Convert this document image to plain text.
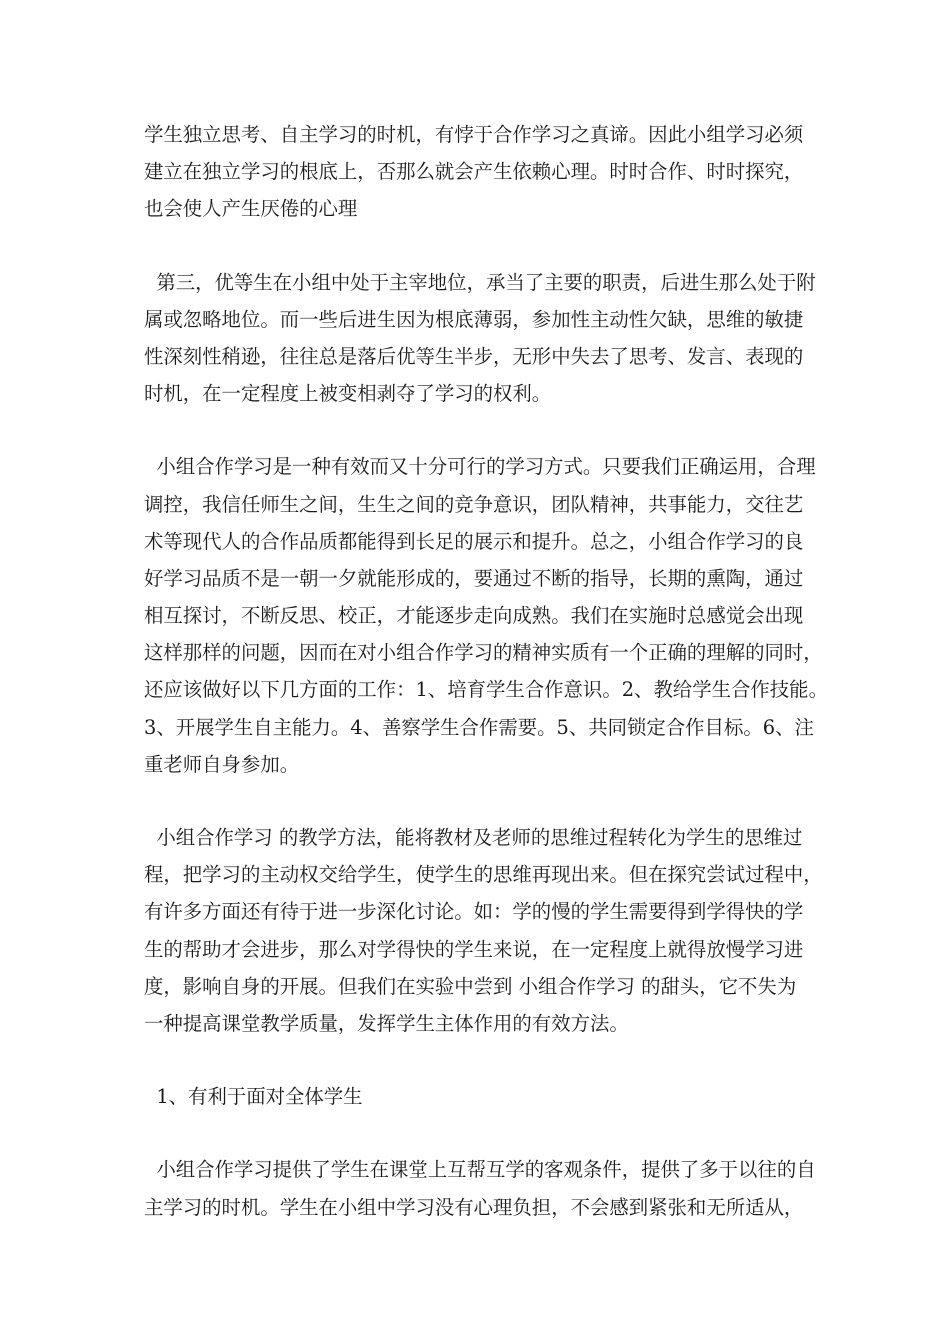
学生独立思考、自主学习的时机，有悖于合作学习之真谛。因此小组学习必须
建立在独立学习的根底上，否那么就会产生依赖心理。时时合作、时时探究，
也会使人产生厌倦的心理
第三，优等生在小组中处于主宰地位，承当了主要的职责，后进生那么处于附
属或忽略地位。而一些后进生因为根底薄弱，参加性主动性欠缺，思维的敏捷
性深刻性稍逊，往往总是落后优等生半步，无形中失去了思考、发言、表现的
时机，在一定程度上被变相剥夺了学习的权利。
小组合作学习是一种有效而又十分可行的学习方式。只要我们正确运用，合理
调控，我信任师生之间，生生之间的竞争意识，团队精神，共事能力，交往艺
术等现代人的合作品质都能得到长足的展示和提升。总之，小组合作学习的良
好学习品质不是一朝一夕就能形成的，要通过不断的指导，长期的熏陶，通过
相互探讨，不断反思、校正，才能逐步走向成熟。我们在实施时总感觉会出现
这样那样的问题，因而在对小组合作学习的精神实质有一个正确的理解的同时，
还应该做好以下几方面的工作：1、培育学生合作意识。2、教给学生合作技能。
3、开展学生自主能力。4、善察学生合作需要。5、共同锁定合作目标。6、注
重老师自身参加。
小组合作学习 的教学方法，能将教材及老师的思维过程转化为学生的思维过
程，把学习的主动权交给学生，使学生的思维再现出来。但在探究尝试过程中，
有许多方面还有待于进一步深化讨论。如：学的慢的学生需要得到学得快的学
生的帮助才会进步，那么对学得快的学生来说，在一定程度上就得放慢学习进
度，影响自身的开展。但我们在实验中尝到 小组合作学习 的甜头，它不失为
一种提高课堂教学质量，发挥学生主体作用的有效方法。
1、有利于面对全体学生
小组合作学习提供了学生在课堂上互帮互学的客观条件，提供了多于以往的自
主学习的时机。学生在小组中学习没有心理负担，不会感到紧张和无所适从，
